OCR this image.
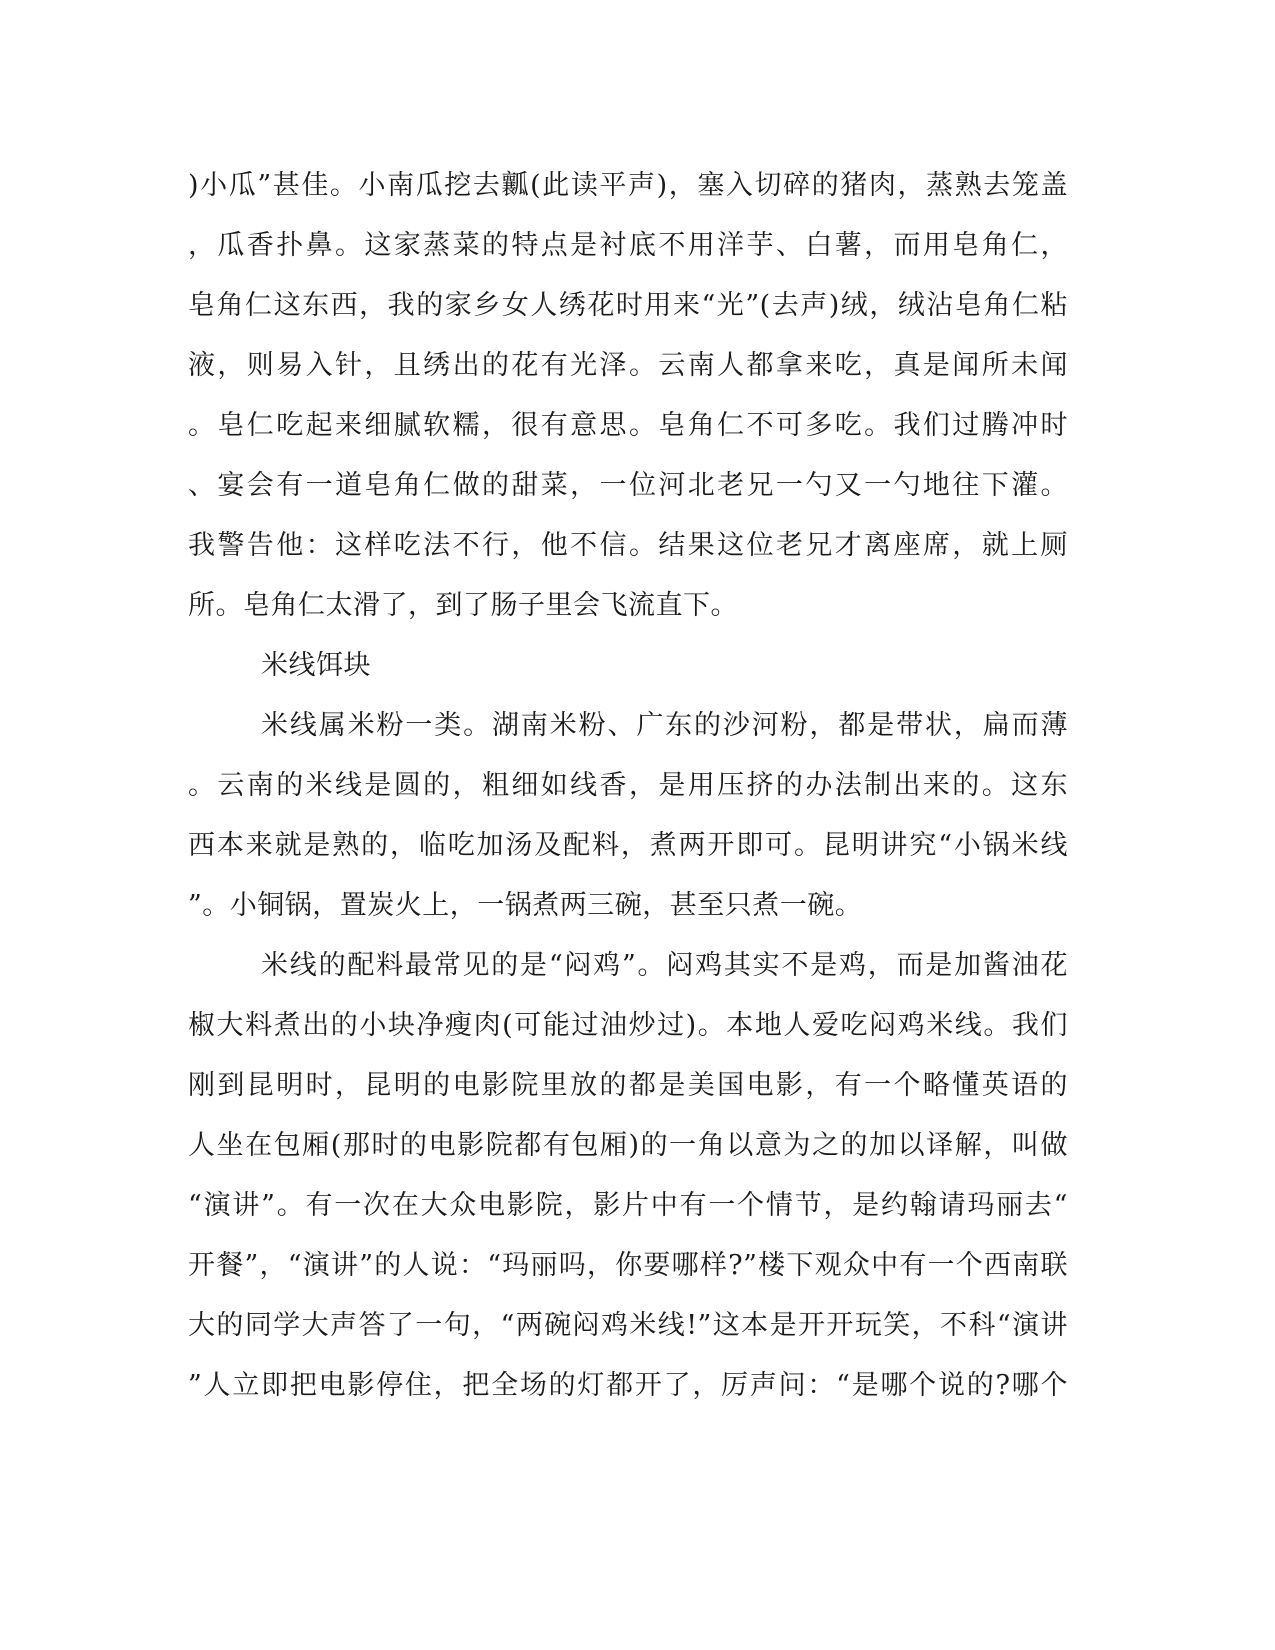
)小瓜”甚佳。小南瓜挖去瓤(此读平声)，塞入切碎的猪肉，蒸熟去笼盖
，瓜香扑鼻。这家蒸菜的特点是衬底不用洋芋、白薯，而用皂角仁，
皂角仁这东西，我的家乡女人绣花时用来“光”(去声)绒，绒沾皂角仁粘
液，则易入针，且绣出的花有光泽。云南人都拿来吃，真是闻所未闻
。皂仁吃起来细腻软糯，很有意思。皂角仁不可多吃。我们过腾冲时
、宴会有一道皂角仁做的甜菜，一位河北老兄一勺又一勺地往下灌。
我警告他：这样吃法不行，他不信。结果这位老兄才离座席，就上厕
所。皂角仁太滑了，到了肠子里会飞流直下。
米线饵块
米线属米粉一类。湖南米粉、广东的沙河粉，都是带状，扁而薄
。云南的米线是圆的，粗细如线香，是用压挤的办法制出来的。这东
西本来就是熟的，临吃加汤及配料，煮两开即可。昆明讲究“小锅米线
”。小铜锅，置炭火上，一锅煮两三碗，甚至只煮一碗。
米线的配料最常见的是“闷鸡”。闷鸡其实不是鸡，而是加酱油花
椒大料煮出的小块净瘦肉(可能过油炒过)。本地人爱吃闷鸡米线。我们
刚到昆明时，昆明的电影院里放的都是美国电影，有一个略懂英语的
人坐在包厢(那时的电影院都有包厢)的一角以意为之的加以译解，叫做
“演讲”。有一次在大众电影院，影片中有一个情节，是约翰请玛丽去“
开餐”，“演讲”的人说：“玛丽吗，你要哪样?”楼下观众中有一个西南联
大的同学大声答了一句，“两碗闷鸡米线!”这本是开开玩笑，不科“演讲
”人立即把电影停住，把全场的灯都开了，厉声问：“是哪个说的?哪个
